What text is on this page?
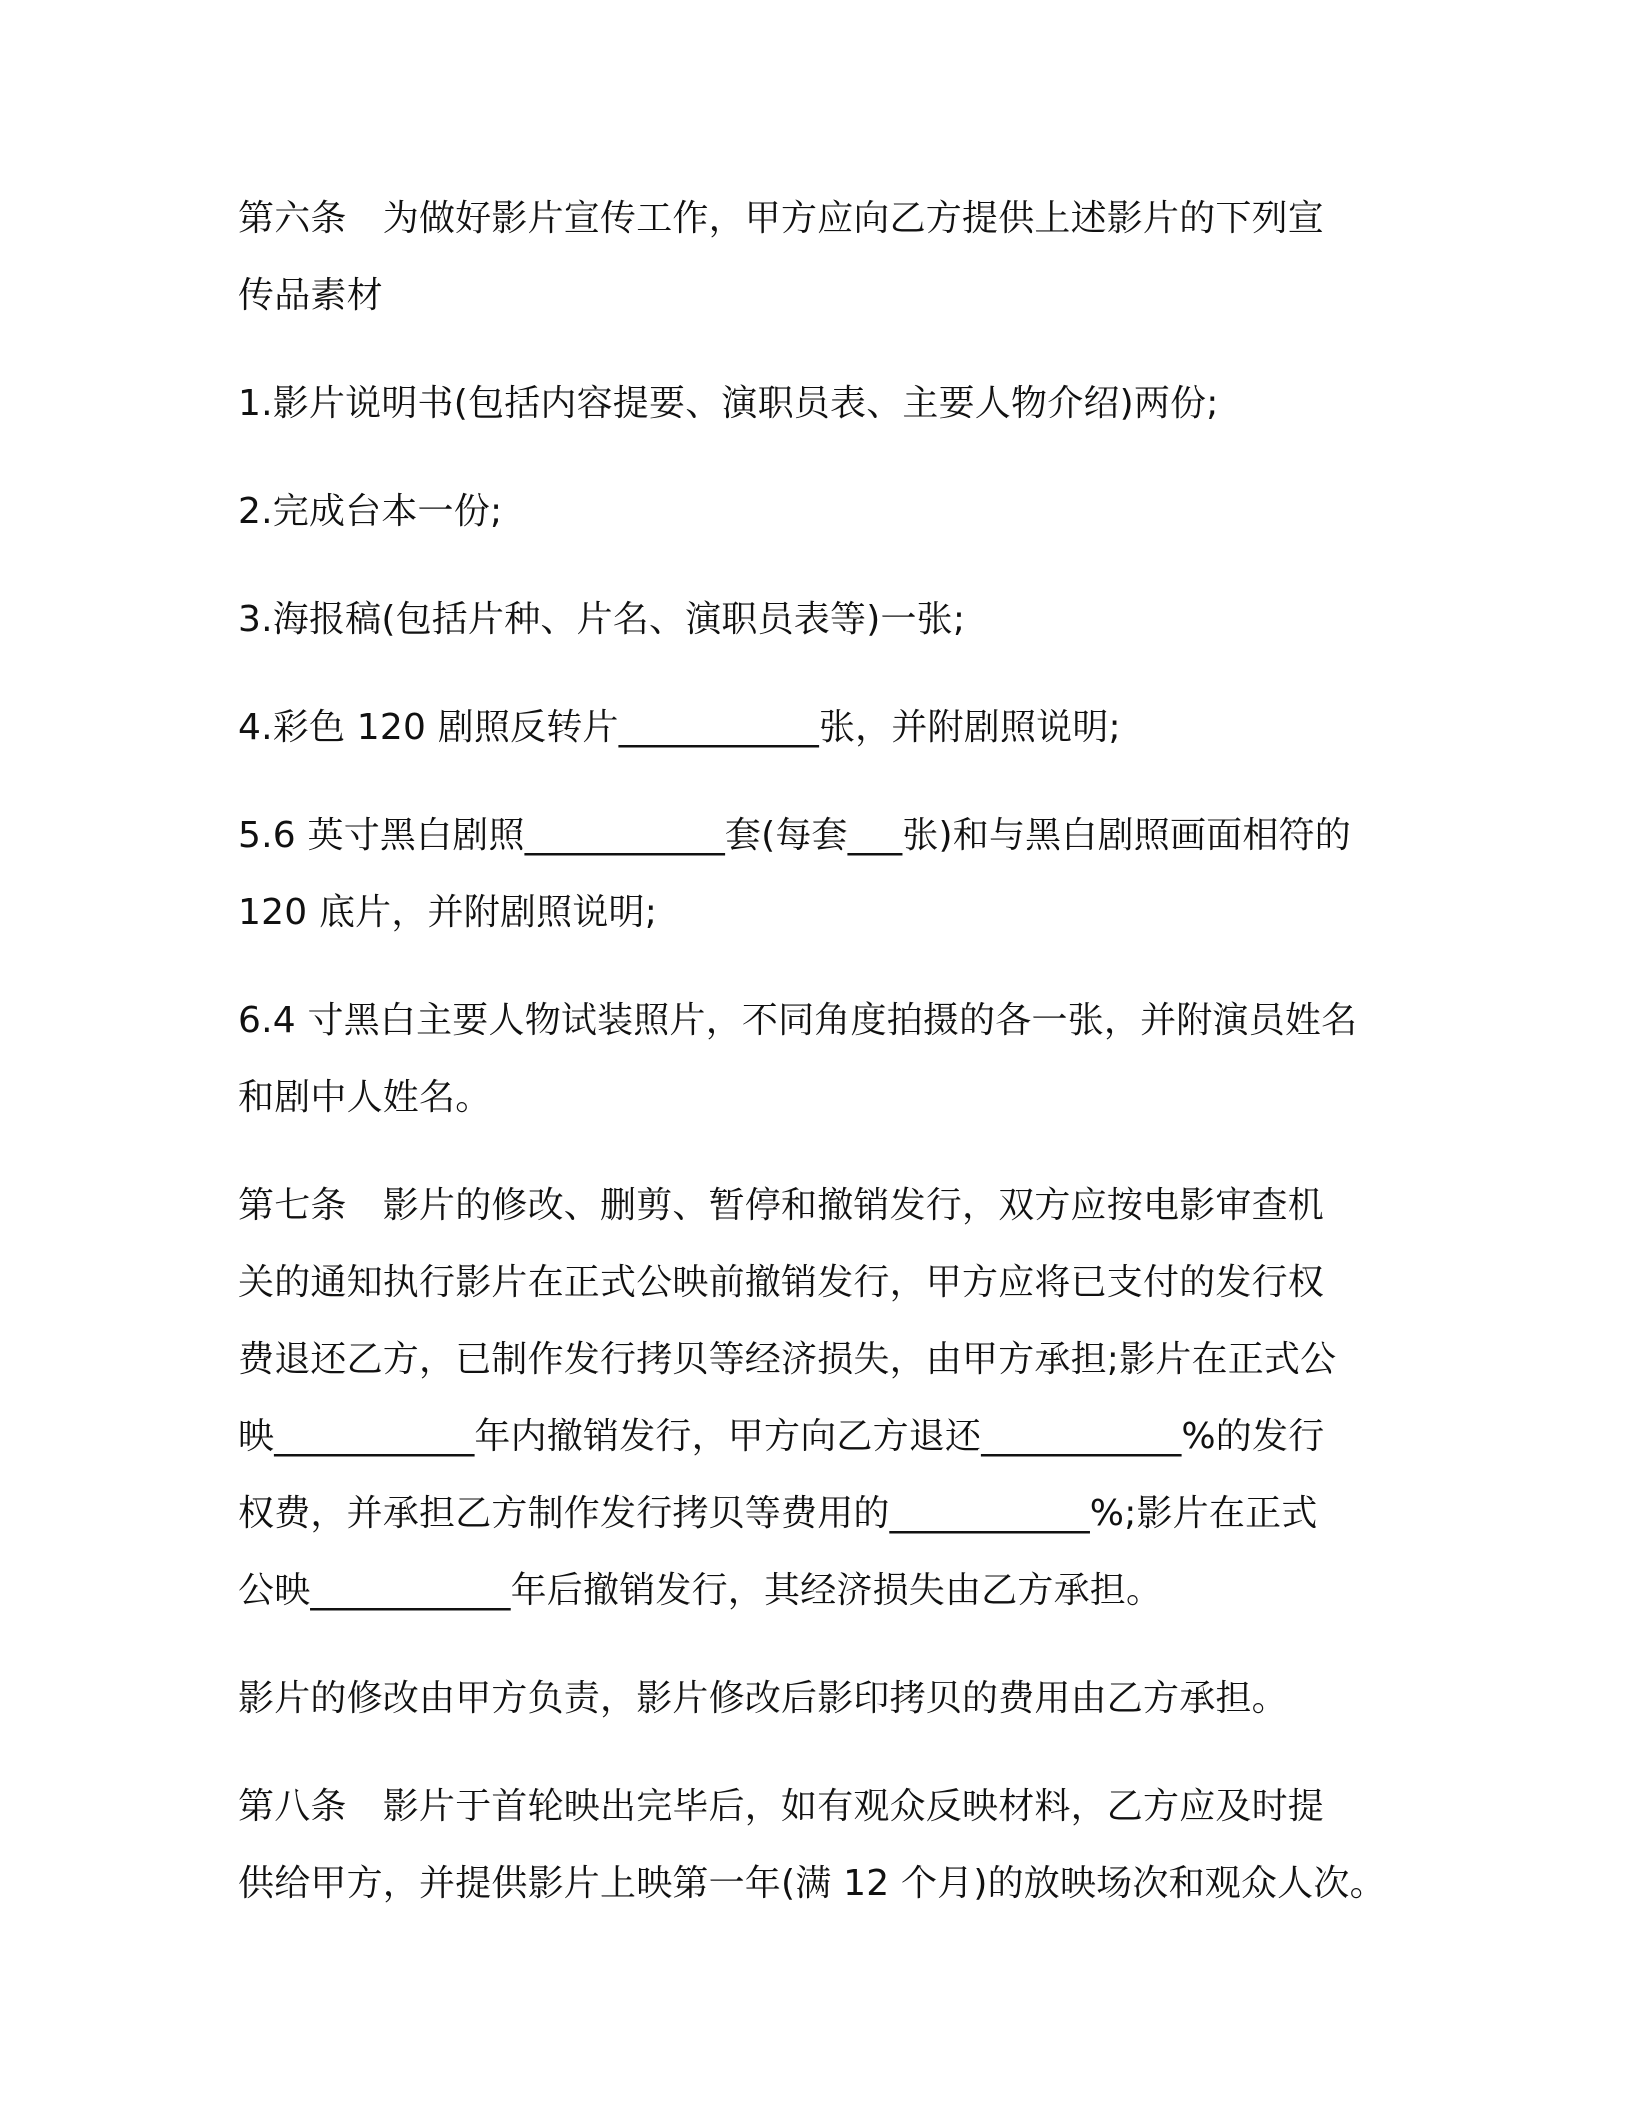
第六条　为做好影片宣传工作，甲方应向乙方提供上述影片的下列宣
传品素材

1.影片说明书(包括内容提要、演职员表、主要人物介绍)两份;

2.完成台本一份;

3.海报稿(包括片种、片名、演职员表等)一张;

4.彩色 120 剧照反转片___________张，并附剧照说明;

5.6 英寸黑白剧照___________套(每套___张)和与黑白剧照画面相符的
120 底片，并附剧照说明;

6.4 寸黑白主要人物试装照片，不同角度拍摄的各一张，并附演员姓名
和剧中人姓名。

第七条　影片的修改、删剪、暂停和撤销发行，双方应按电影审查机
关的通知执行影片在正式公映前撤销发行，甲方应将已支付的发行权
费退还乙方，已制作发行拷贝等经济损失，由甲方承担;影片在正式公
映___________年内撤销发行，甲方向乙方退还___________%的发行
权费，并承担乙方制作发行拷贝等费用的___________%;影片在正式
公映___________年后撤销发行，其经济损失由乙方承担。

影片的修改由甲方负责，影片修改后影印拷贝的费用由乙方承担。

第八条　影片于首轮映出完毕后，如有观众反映材料，乙方应及时提
供给甲方，并提供影片上映第一年(满 12 个月)的放映场次和观众人次。
